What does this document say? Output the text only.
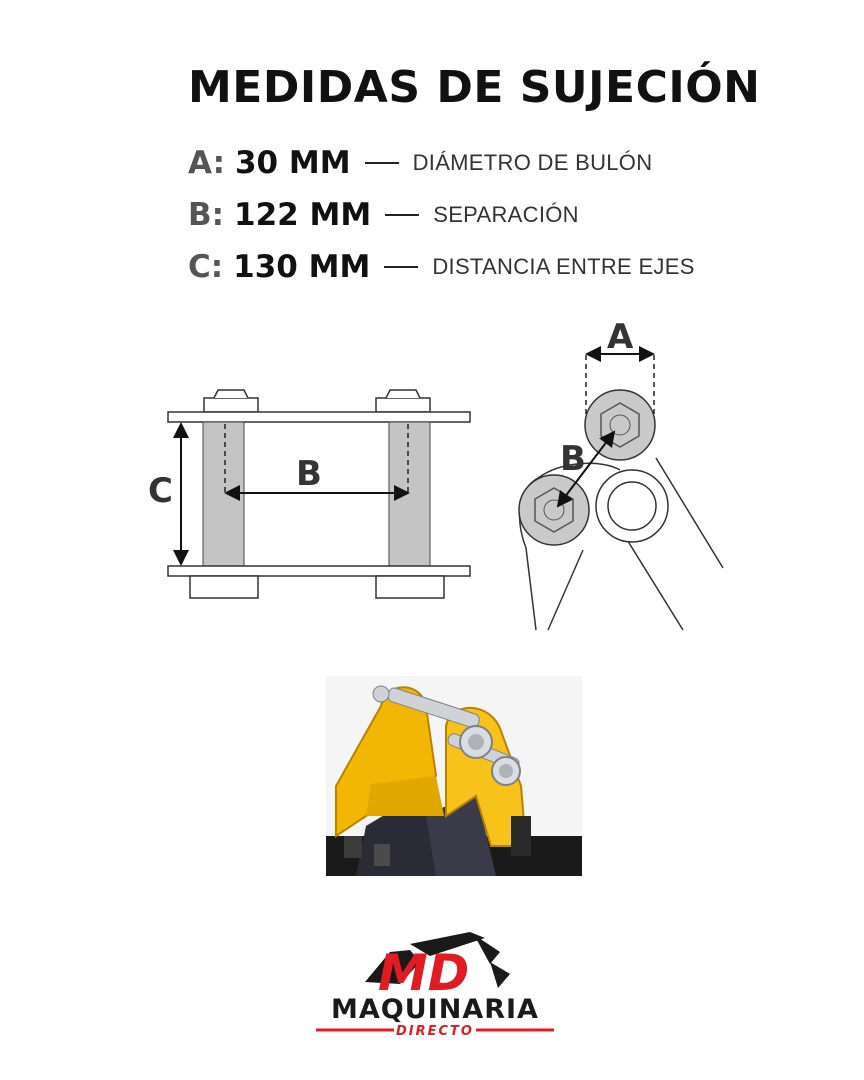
MEDIDAS DE SUJECIÓN
A: 30 MM	DIÁMETRO DE BULÓN
B: 122 MM	SEPARACIÓN
C: 130 MM	DISTANCIA ENTRE EJES
B
C
A
B
MD
MAQUINARIA
DIRECTO
